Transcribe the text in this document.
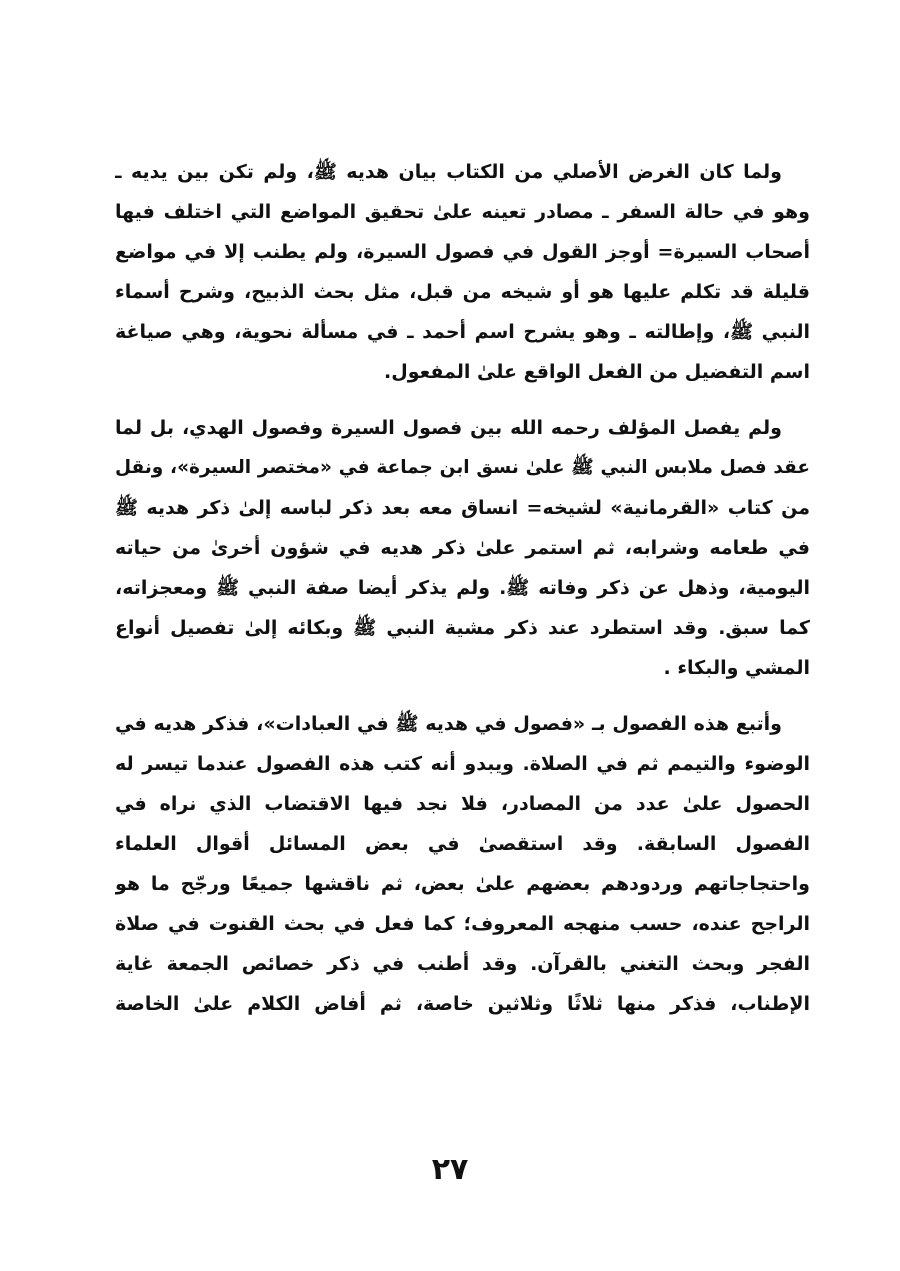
ولما كان الغرض الأصلي من الكتاب بيان هديه ﷺ، ولم تكن بين يديه ـ
وهو في حالة السفر ـ مصادر تعينه علىٰ تحقيق المواضع التي اختلف فيها
أصحاب السيرة= أوجز القول في فصول السيرة، ولم يطنب إلا في مواضع
قليلة قد تكلم عليها هو أو شيخه من قبل، مثل بحث الذبيح، وشرح أسماء
النبي ﷺ، وإطالته ـ وهو يشرح اسم أحمد ـ في مسألة نحوية، وهي صياغة
اسم التفضيل من الفعل الواقع علىٰ المفعول.
ولم يفصل المؤلف رحمه الله بين فصول السيرة وفصول الهدي، بل لما
عقد فصل ملابس النبي ﷺ علىٰ نسق ابن جماعة في «مختصر السيرة»، ونقل
من كتاب «القرمانية» لشيخه= انساق معه بعد ذكر لباسه إلىٰ ذكر هديه ﷺ
في طعامه وشرابه، ثم استمر علىٰ ذكر هديه في شؤون أخرىٰ من حياته
اليومية، وذهل عن ذكر وفاته ﷺ. ولم يذكر أيضا صفة النبي ﷺ ومعجزاته،
كما سبق. وقد استطرد عند ذكر مشية النبي ﷺ وبكائه إلىٰ تفصيل أنواع
المشي والبكاء .
وأتبع هذه الفصول بـ «فصول في هديه ﷺ في العبادات»، فذكر هديه في
الوضوء والتيمم ثم في الصلاة. ويبدو أنه كتب هذه الفصول عندما تيسر له
الحصول علىٰ عدد من المصادر، فلا نجد فيها الاقتضاب الذي نراه في
الفصول السابقة. وقد استقصىٰ في بعض المسائل أقوال العلماء
واحتجاجاتهم وردودهم بعضهم علىٰ بعض، ثم ناقشها جميعًا ورجّح ما هو
الراجح عنده، حسب منهجه المعروف؛ كما فعل في بحث القنوت في صلاة
الفجر وبحث التغني بالقرآن. وقد أطنب في ذكر خصائص الجمعة غاية
الإطناب، فذكر منها ثلاثًا وثلاثين خاصة، ثم أفاض الكلام علىٰ الخاصة
٢٧
